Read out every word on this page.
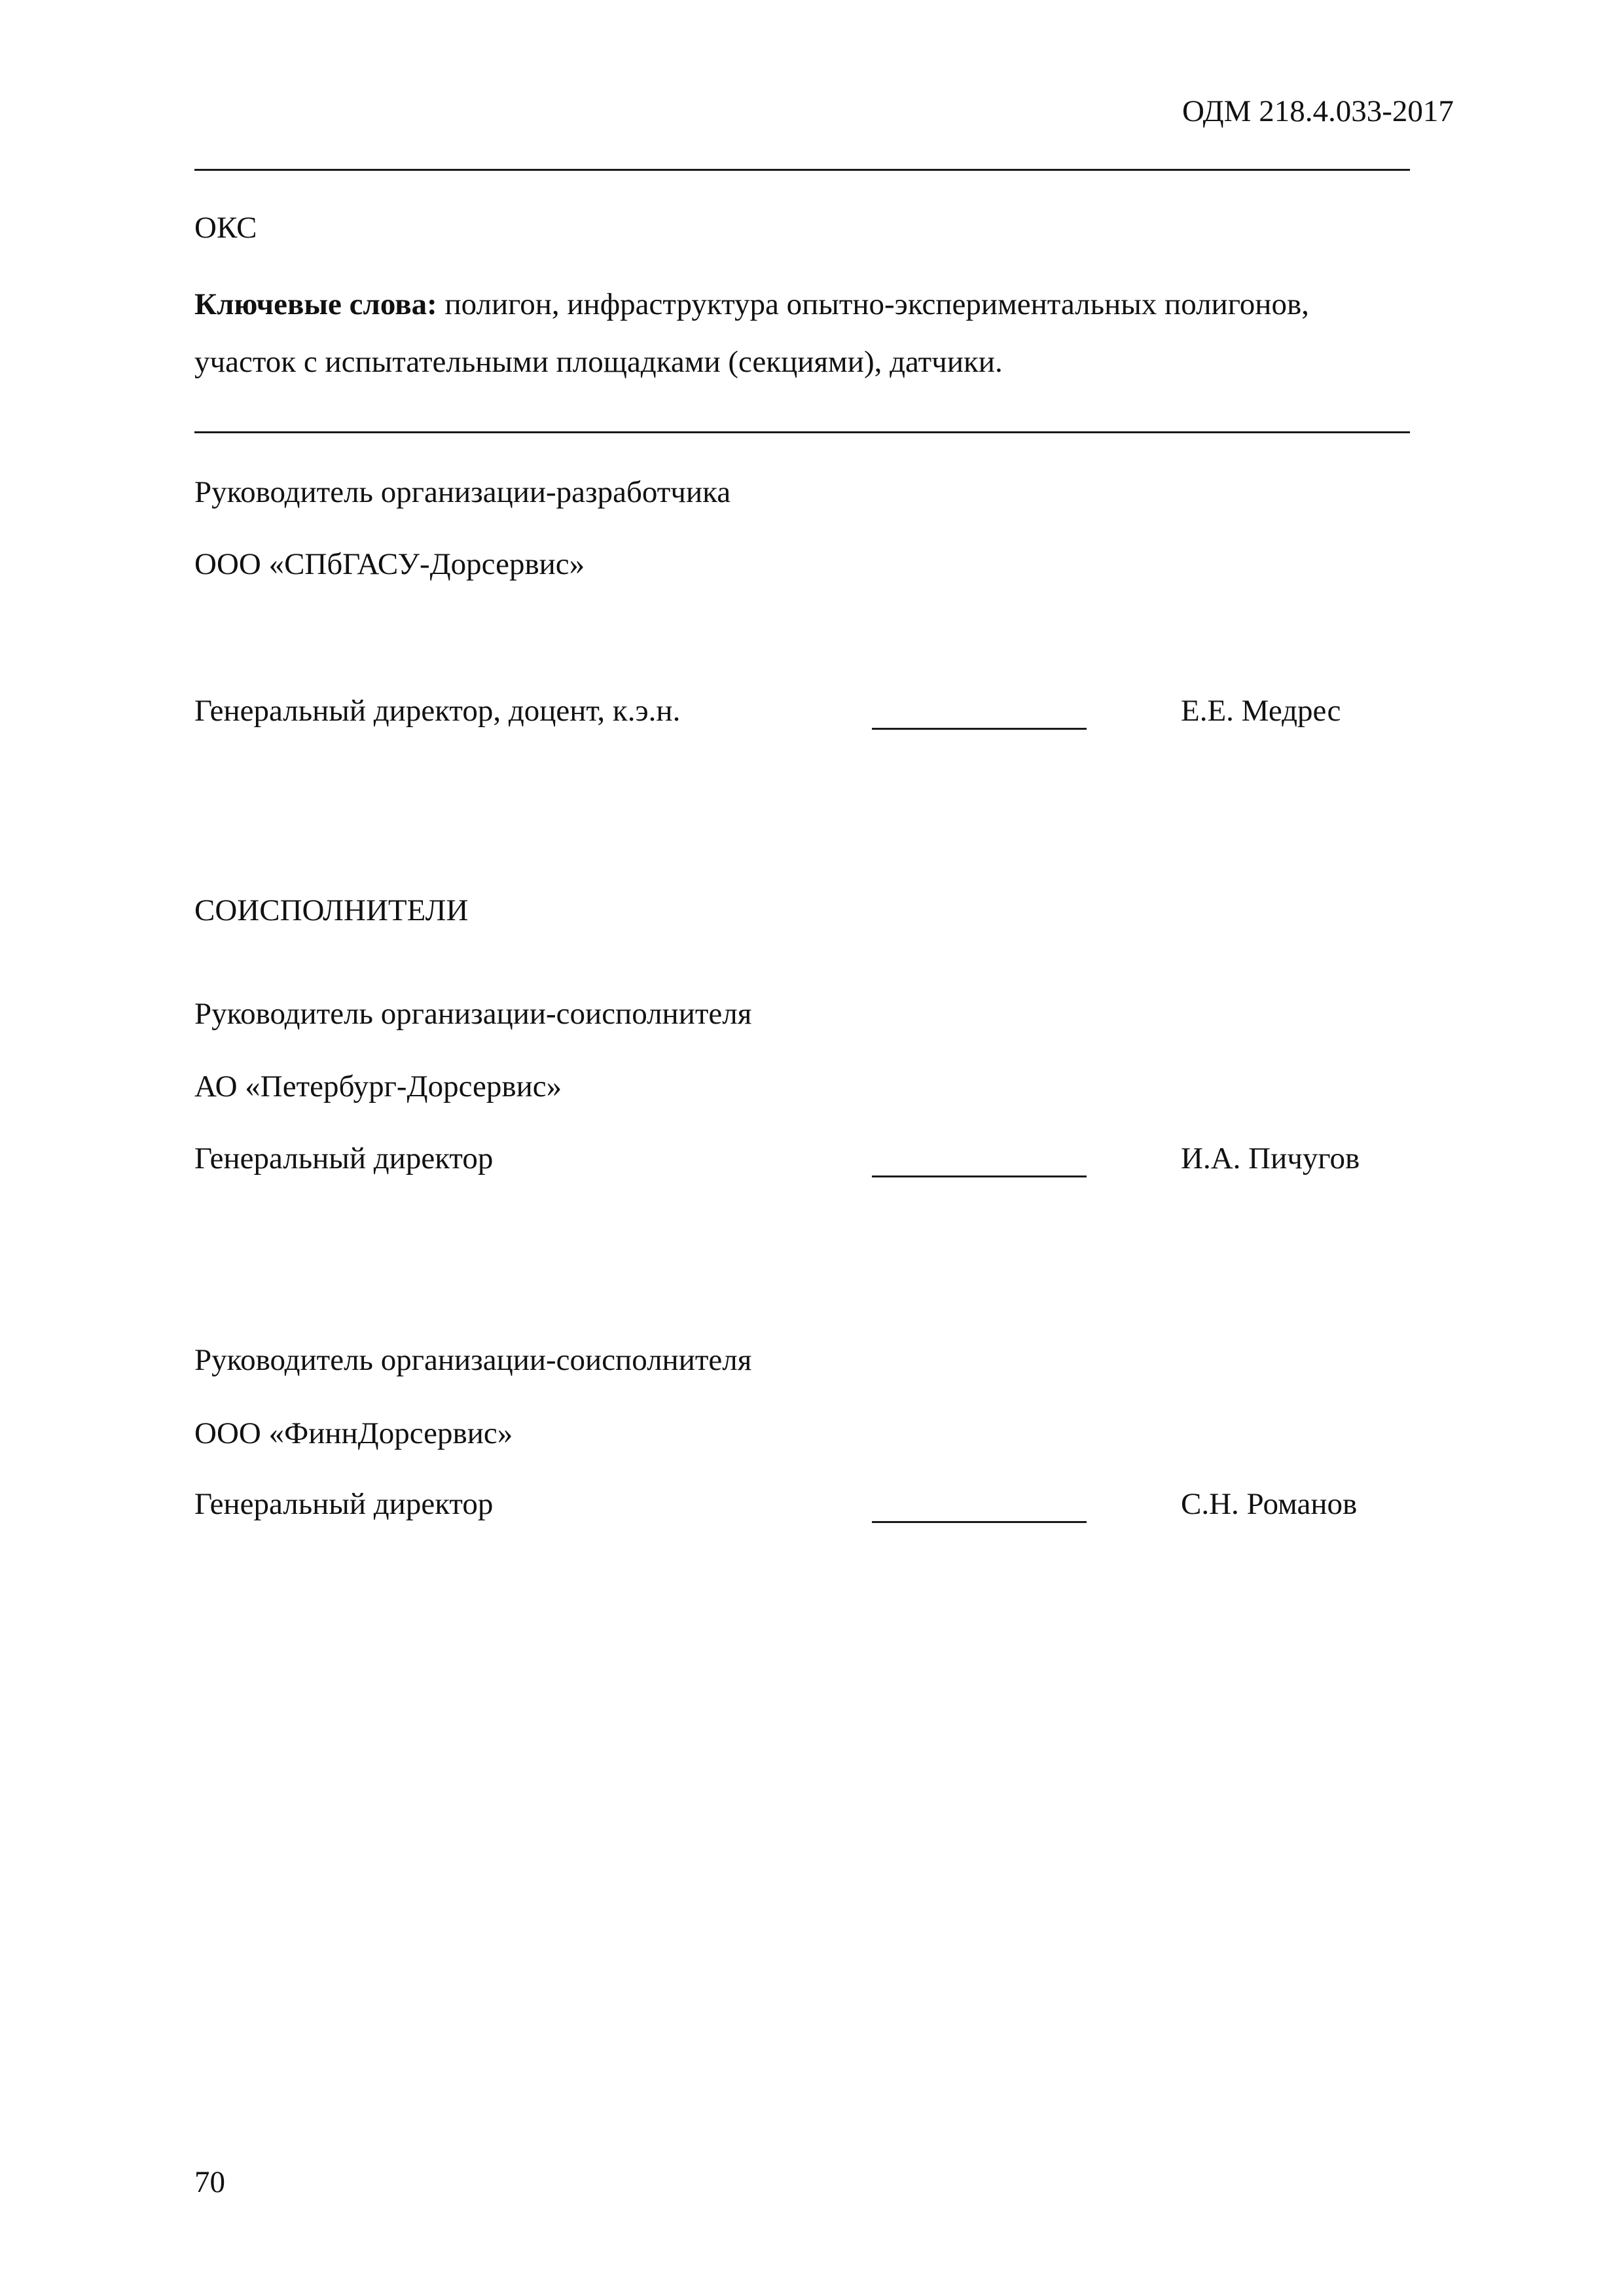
ОДМ 218.4.033-2017
ОКС
Ключевые слова: полигон, инфраструктура опытно-экспериментальных полигонов,
участок с испытательными площадками (секциями), датчики.
Руководитель организации-разработчика
ООО «СПбГАСУ-Дорсервис»
Генеральный директор, доцент, к.э.н.	Е.Е. Медрес
СОИСПОЛНИТЕЛИ
Руководитель организации-соисполнителя
АО «Петербург-Дорсервис»
Генеральный директор	И.А. Пичугов
Руководитель организации-соисполнителя
ООО «ФиннДорсервис»
Генеральный директор	С.Н. Романов
70
